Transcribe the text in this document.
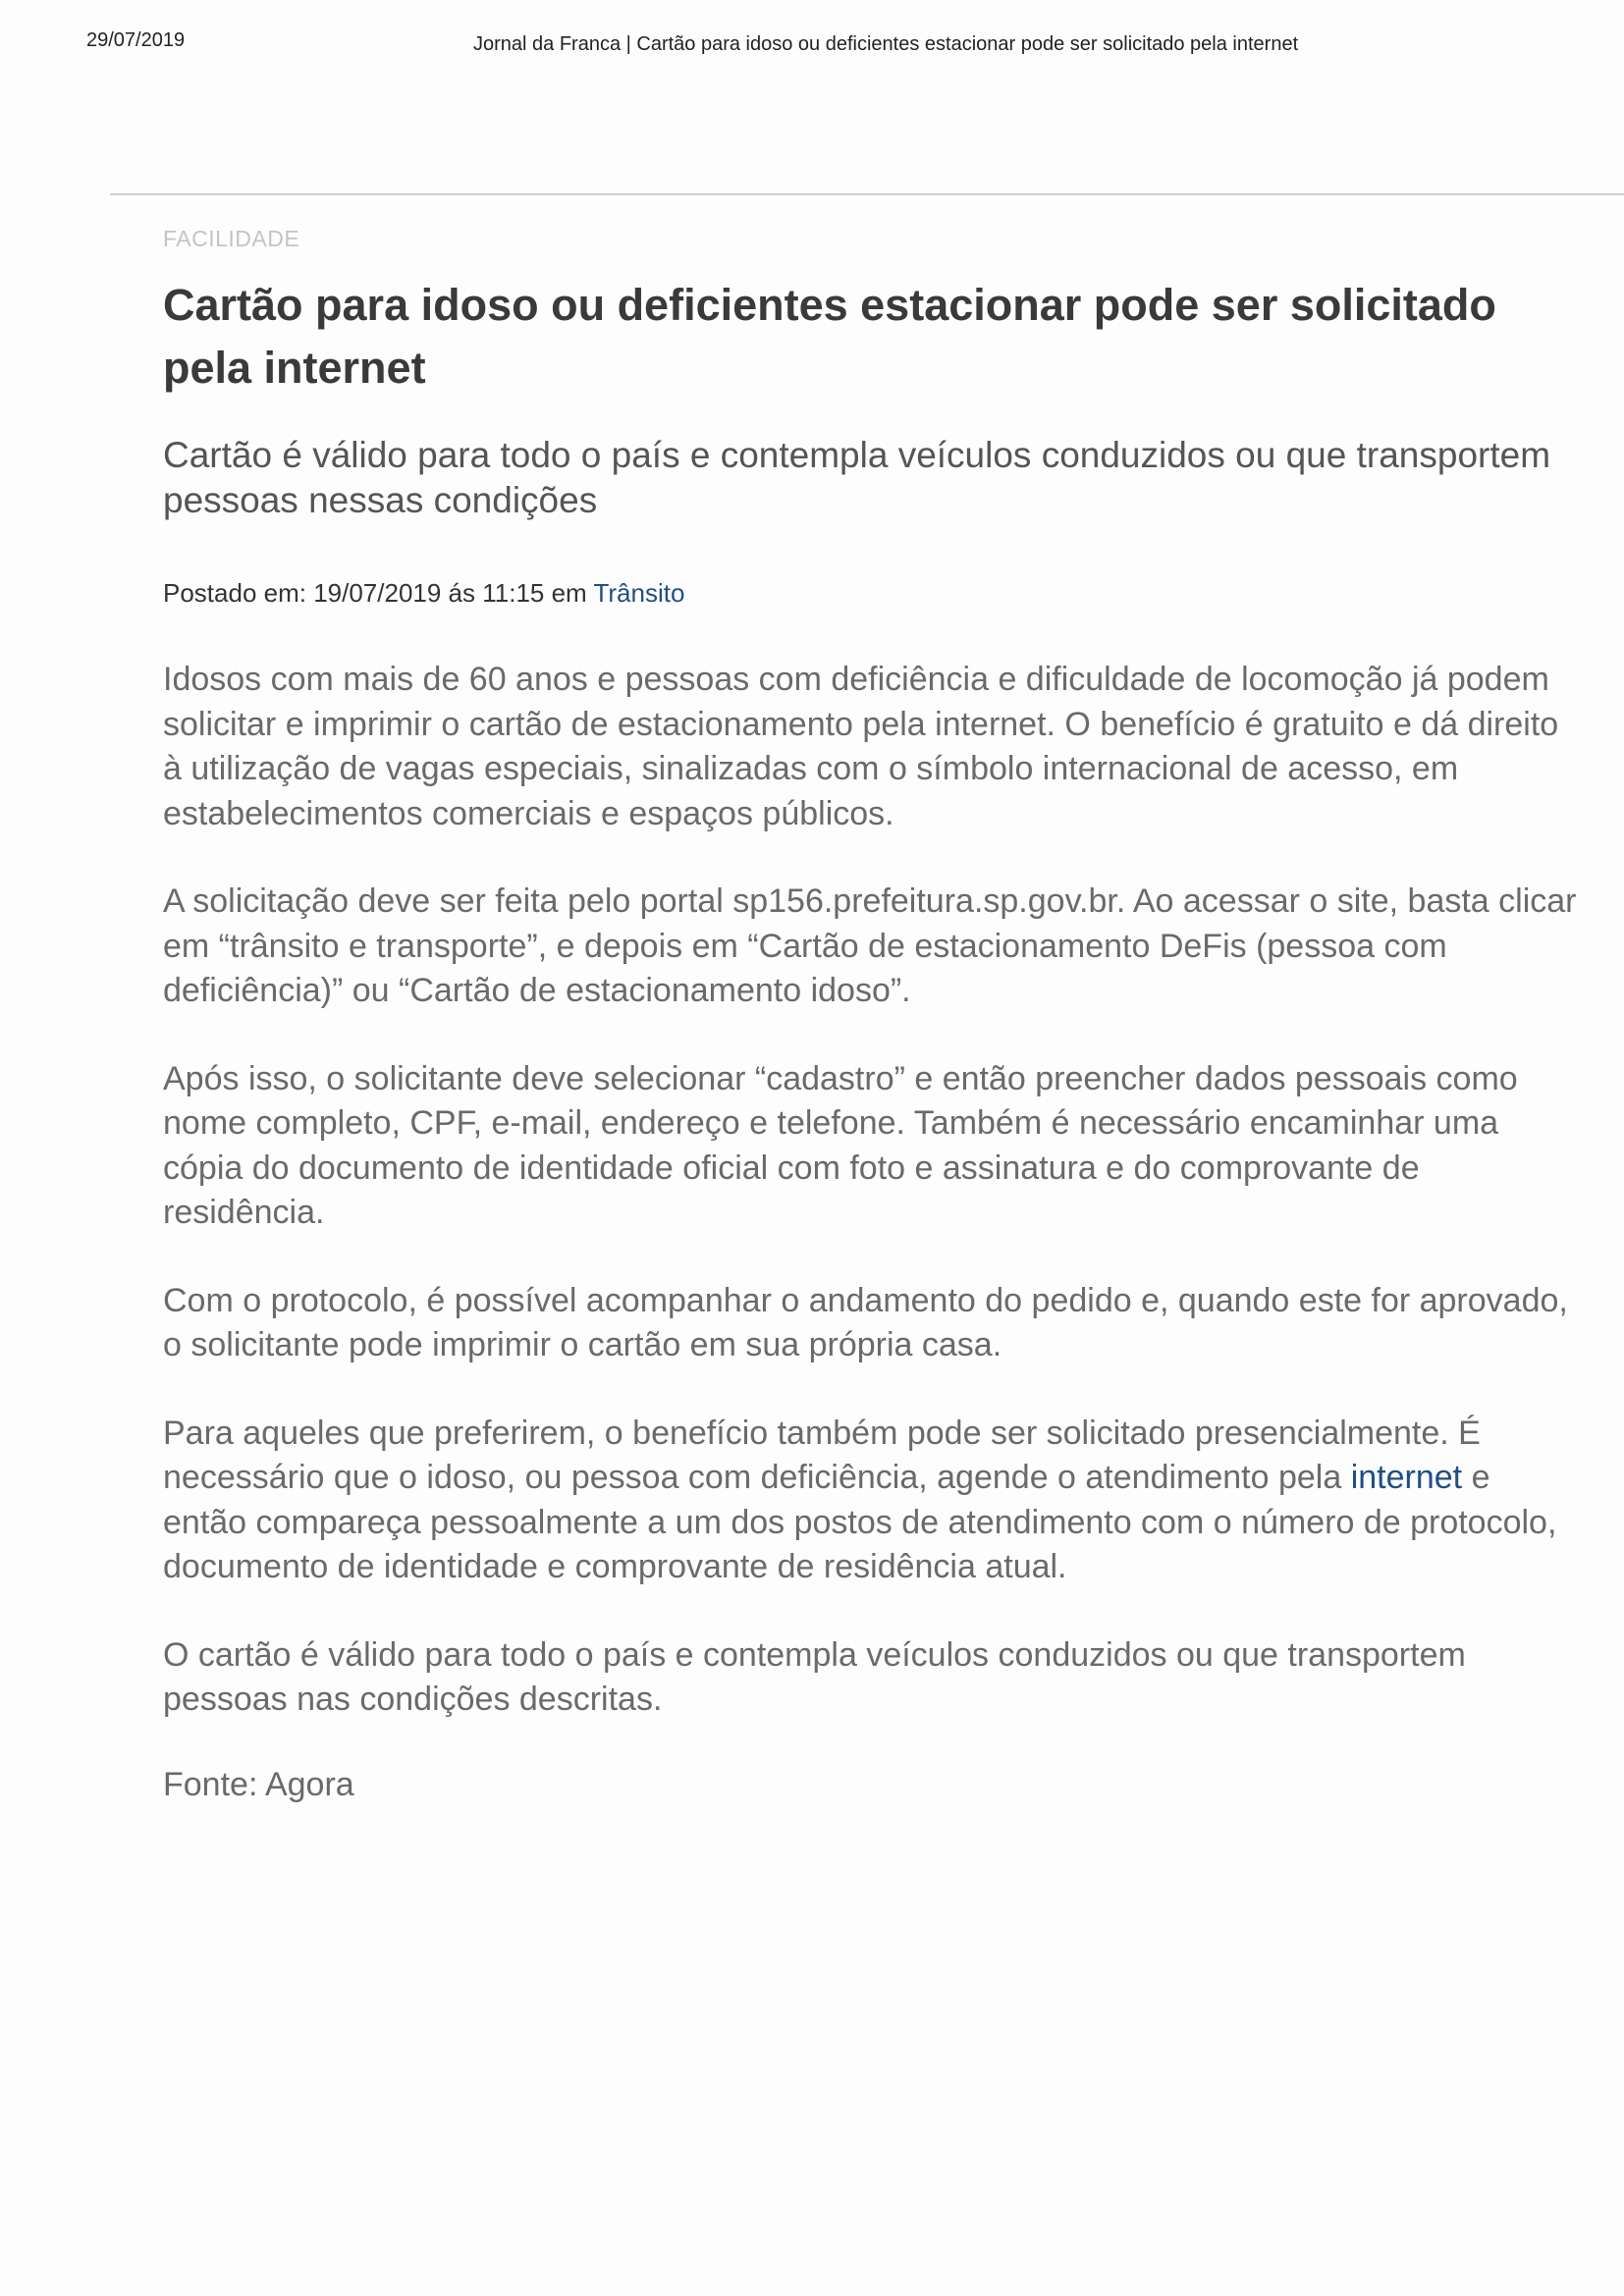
29/07/2019	Jornal da Franca | Cartão para idoso ou deficientes estacionar pode ser solicitado pela internet
FACILIDADE
Cartão para idoso ou deficientes estacionar pode ser solicitado pela internet
Cartão é válido para todo o país e contempla veículos conduzidos ou que transportem pessoas nessas condições
Postado em: 19/07/2019 ás 11:15 em Trânsito

Idosos com mais de 60 anos e pessoas com deficiência e dificuldade de locomoção já podem solicitar e imprimir o cartão de estacionamento pela internet. O benefício é gratuito e dá direito à utilização de vagas especiais, sinalizadas com o símbolo internacional de acesso, em estabelecimentos comerciais e espaços públicos.

A solicitação deve ser feita pelo portal sp156.prefeitura.sp.gov.br. Ao acessar o site, basta clicar em “trânsito e transporte”, e depois em “Cartão de estacionamento DeFis (pessoa com deficiência)” ou “Cartão de estacionamento idoso”.

Após isso, o solicitante deve selecionar “cadastro” e então preencher dados pessoais como nome completo, CPF, e-mail, endereço e telefone. Também é necessário encaminhar uma cópia do documento de identidade oficial com foto e assinatura e do comprovante de residência.

Com o protocolo, é possível acompanhar o andamento do pedido e, quando este for aprovado, o solicitante pode imprimir o cartão em sua própria casa.

Para aqueles que preferirem, o benefício também pode ser solicitado presencialmente. É necessário que o idoso, ou pessoa com deficiência, agende o atendimento pela internet e então compareça pessoalmente a um dos postos de atendimento com o número de protocolo, documento de identidade e comprovante de residência atual.

O cartão é válido para todo o país e contempla veículos conduzidos ou que transportem pessoas nas condições descritas.

Fonte: Agora
